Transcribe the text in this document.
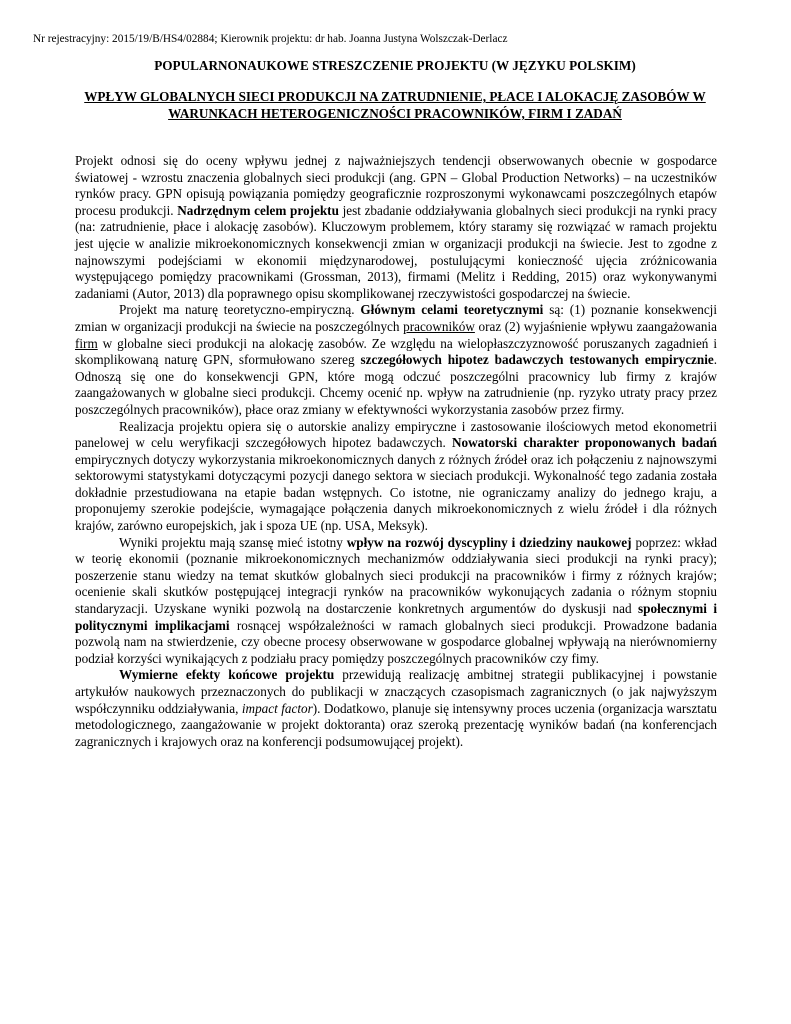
Nr rejestracyjny: 2015/19/B/HS4/02884; Kierownik projektu: dr hab. Joanna Justyna Wolszczak-Derlacz
POPULARNONAUKOWE STRESZCZENIE PROJEKTU (W JĘZYKU POLSKIM)
WPŁYW GLOBALNYCH SIECI PRODUKCJI NA ZATRUDNIENIE, PŁACE I ALOKACJĘ ZASOBÓW W WARUNKACH HETEROGENICZNOŚCI PRACOWNIKÓW, FIRM I ZADAŃ

Projekt odnosi się do oceny wpływu jednej z najważniejszych tendencji obserwowanych obecnie w gospodarce światowej - wzrostu znaczenia globalnych sieci produkcji (ang. GPN – Global Production Networks) – na uczestników rynków pracy. GPN opisują powiązania pomiędzy geograficznie rozproszonymi wykonawcami poszczególnych etapów procesu produkcji. Nadrzędnym celem projektu jest zbadanie oddziaływania globalnych sieci produkcji na rynki pracy (na: zatrudnienie, płace i alokację zasobów). Kluczowym problemem, który staramy się rozwiązać w ramach projektu jest ujęcie w analizie mikroekonomicznych konsekwencji zmian w organizacji produkcji na świecie. Jest to zgodne z najnowszymi podejściami w ekonomii międzynarodowej, postulującymi konieczność ujęcia zróżnicowania występującego pomiędzy pracownikami (Grossman, 2013), firmami (Melitz i Redding, 2015) oraz wykonywanymi zadaniami (Autor, 2013) dla poprawnego opisu skomplikowanej rzeczywistości gospodarczej na świecie.

Projekt ma naturę teoretyczno-empiryczną. Głównym celami teoretycznymi są: (1) poznanie konsekwencji zmian w organizacji produkcji na świecie na poszczególnych pracowników oraz (2) wyjaśnienie wpływu zaangażowania firm w globalne sieci produkcji na alokację zasobów. Ze względu na wielopłaszczyznowość poruszanych zagadnień i skomplikowaną naturę GPN, sformułowano szereg szczegółowych hipotez badawczych testowanych empirycznie. Odnoszą się one do konsekwencji GPN, które mogą odczuć poszczególni pracownicy lub firmy z krajów zaangażowanych w globalne sieci produkcji. Chcemy ocenić np. wpływ na zatrudnienie (np. ryzyko utraty pracy przez poszczególnych pracowników), płace oraz zmiany w efektywności wykorzystania zasobów przez firmy.

Realizacja projektu opiera się o autorskie analizy empiryczne i zastosowanie ilościowych metod ekonometrii panelowej w celu weryfikacji szczegółowych hipotez badawczych. Nowatorski charakter proponowanych badań empirycznych dotyczy wykorzystania mikroekonomicznych danych z różnych źródeł oraz ich połączeniu z najnowszymi sektorowymi statystykami dotyczącymi pozycji danego sektora w sieciach produkcji. Wykonalność tego zadania została dokładnie przestudiowana na etapie badan wstępnych. Co istotne, nie ograniczamy analizy do jednego kraju, a proponujemy szerokie podejście, wymagające połączenia danych mikroekonomicznych z wielu źródeł i dla różnych krajów, zarówno europejskich, jak i spoza UE (np. USA, Meksyk).

Wyniki projektu mają szansę mieć istotny wpływ na rozwój dyscypliny i dziedziny naukowej poprzez: wkład w teorię ekonomii (poznanie mikroekonomicznych mechanizmów oddziaływania sieci produkcji na rynki pracy); poszerzenie stanu wiedzy na temat skutków globalnych sieci produkcji na pracowników i firmy z różnych krajów; ocenienie skali skutków postępującej integracji rynków na pracowników wykonujących zadania o różnym stopniu standaryzacji. Uzyskane wyniki pozwolą na dostarczenie konkretnych argumentów do dyskusji nad społecznymi i politycznymi implikacjami rosnącej współzależności w ramach globalnych sieci produkcji. Prowadzone badania pozwolą nam na stwierdzenie, czy obecne procesy obserwowane w gospodarce globalnej wpływają na nierównomierny podział korzyści wynikających z podziału pracy pomiędzy poszczególnych pracowników czy fimy.

Wymierne efekty końcowe projektu przewidują realizację ambitnej strategii publikacyjnej i powstanie artykułów naukowych przeznaczonych do publikacji w znaczących czasopismach zagranicznych (o jak najwyższym współczynniku oddziaływania, impact factor). Dodatkowo, planuje się intensywny proces uczenia (organizacja warsztatu metodologicznego, zaangażowanie w projekt doktoranta) oraz szeroką prezentację wyników badań (na konferencjach zagranicznych i krajowych oraz na konferencji podsumowującej projekt).
